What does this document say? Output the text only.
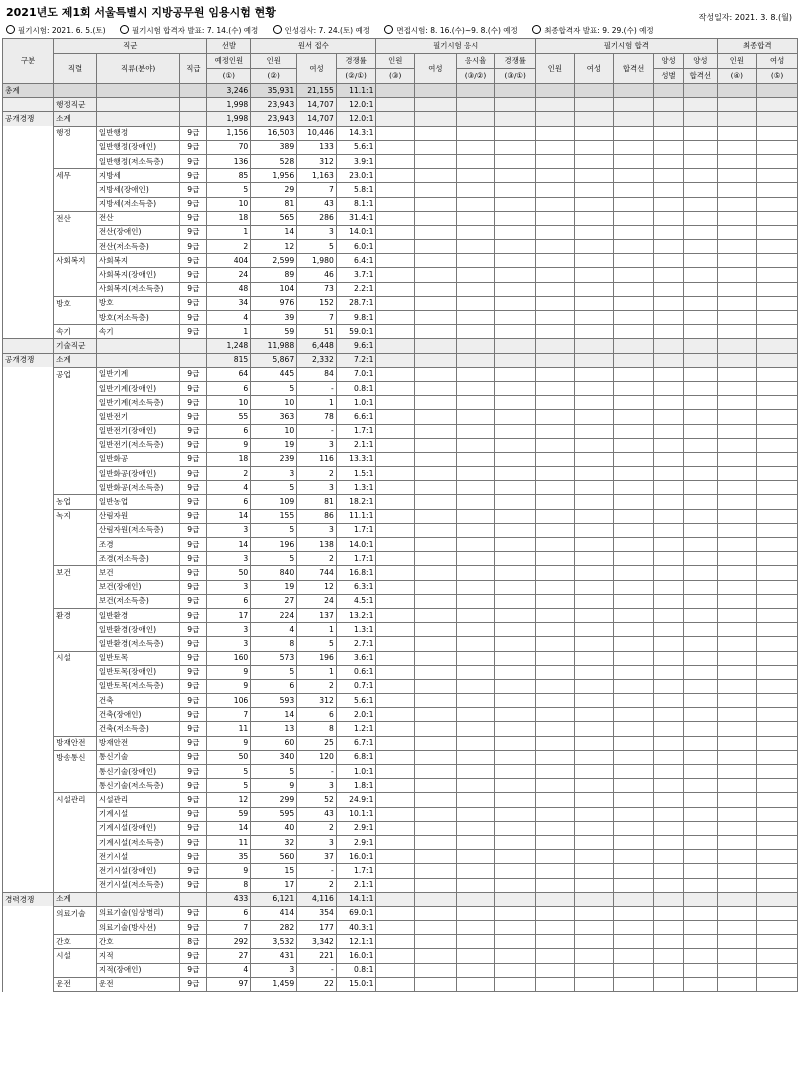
2021년도 제1회 서울특별시 지방공무원 임용시험 현황	작성일자: 2021. 3. 8.(월)
필기시험: 2021. 6. 5.(토)	필기시험 합격자 발표: 7. 14.(수) 예정	인성검사: 7. 24.(토) 예정	면접시험: 8. 16.(수)~9. 8.(수) 예정	최종합격자 발표: 9. 29.(수) 예정
구분	직군			선발	원서 접수			필기시험 응시				필기시험 합격					최종합격	
	직렬	직류(분야)	직급	예정인원	인원	여성	경쟁률	인원	여성	응시율	경쟁률	인원	여성	합격선	양성	양성	인원	여성
				(①)	(②)		(②/①)	(③)		(③/②)	(③/①)				성별	합격선	(④)	(⑤)
총계				3,246	35,931	21,155	11.1:1											
	행정직군			1,998	23,943	14,707	12.0:1											
공개경쟁	소계			1,998	23,943	14,707	12.0:1											
	행정	일반행정	9급	1,156	16,503	10,446	14.3:1											
		일반행정(장애인)	9급	70	389	133	5.6:1											
		일반행정(저소득층)	9급	136	528	312	3.9:1											
	세무	지방세	9급	85	1,956	1,163	23.0:1											
		지방세(장애인)	9급	5	29	7	5.8:1											
		지방세(저소득층)	9급	10	81	43	8.1:1											
	전산	전산	9급	18	565	286	31.4:1											
		전산(장애인)	9급	1	14	3	14.0:1											
		전산(저소득층)	9급	2	12	5	6.0:1											
	사회복지	사회복지	9급	404	2,599	1,980	6.4:1											
		사회복지(장애인)	9급	24	89	46	3.7:1											
		사회복지(저소득층)	9급	48	104	73	2.2:1											
	방호	방호	9급	34	976	152	28.7:1											
		방호(저소득층)	9급	4	39	7	9.8:1											
	속기	속기	9급	1	59	51	59.0:1											
	기술직군			1,248	11,988	6,448	9.6:1											
공개경쟁	소계			815	5,867	2,332	7.2:1											
	공업	일반기계	9급	64	445	84	7.0:1											
		일반기계(장애인)	9급	6	5	-	0.8:1											
		일반기계(저소득층)	9급	10	10	1	1.0:1											
		일반전기	9급	55	363	78	6.6:1											
		일반전기(장애인)	9급	6	10	-	1.7:1											
		일반전기(저소득층)	9급	9	19	3	2.1:1											
		일반화공	9급	18	239	116	13.3:1											
		일반화공(장애인)	9급	2	3	2	1.5:1											
		일반화공(저소득층)	9급	4	5	3	1.3:1											
	농업	일반농업	9급	6	109	81	18.2:1											
	녹지	산림자원	9급	14	155	86	11.1:1											
		산림자원(저소득층)	9급	3	5	3	1.7:1											
		조경	9급	14	196	138	14.0:1											
		조경(저소득층)	9급	3	5	2	1.7:1											
	보건	보건	9급	50	840	744	16.8:1											
		보건(장애인)	9급	3	19	12	6.3:1											
		보건(저소득층)	9급	6	27	24	4.5:1											
	환경	일반환경	9급	17	224	137	13.2:1											
		일반환경(장애인)	9급	3	4	1	1.3:1											
		일반환경(저소득층)	9급	3	8	5	2.7:1											
	시설	일반토목	9급	160	573	196	3.6:1											
		일반토목(장애인)	9급	9	5	1	0.6:1											
		일반토목(저소득층)	9급	9	6	2	0.7:1											
		건축	9급	106	593	312	5.6:1											
		건축(장애인)	9급	7	14	6	2.0:1											
		건축(저소득층)	9급	11	13	8	1.2:1											
	방재안전	방재안전	9급	9	60	25	6.7:1											
	방송통신	통신기술	9급	50	340	120	6.8:1											
		통신기술(장애인)	9급	5	5	-	1.0:1											
		통신기술(저소득층)	9급	5	9	3	1.8:1											
	시설관리	시설관리	9급	12	299	52	24.9:1											
		기계시설	9급	59	595	43	10.1:1											
		기계시설(장애인)	9급	14	40	2	2.9:1											
		기계시설(저소득층)	9급	11	32	3	2.9:1											
		전기시설	9급	35	560	37	16.0:1											
		전기시설(장애인)	9급	9	15	-	1.7:1											
		전기시설(저소득층)	9급	8	17	2	2.1:1											
경력경쟁	소계			433	6,121	4,116	14.1:1											
	의료기술	의료기술(임상병리)	9급	6	414	354	69.0:1											
		의료기술(방사선)	9급	7	282	177	40.3:1											
	간호	간호	8급	292	3,532	3,342	12.1:1											
	시설	지적	9급	27	431	221	16.0:1											
		지적(장애인)	9급	4	3	-	0.8:1											
	운전	운전	9급	97	1,459	22	15.0:1											
